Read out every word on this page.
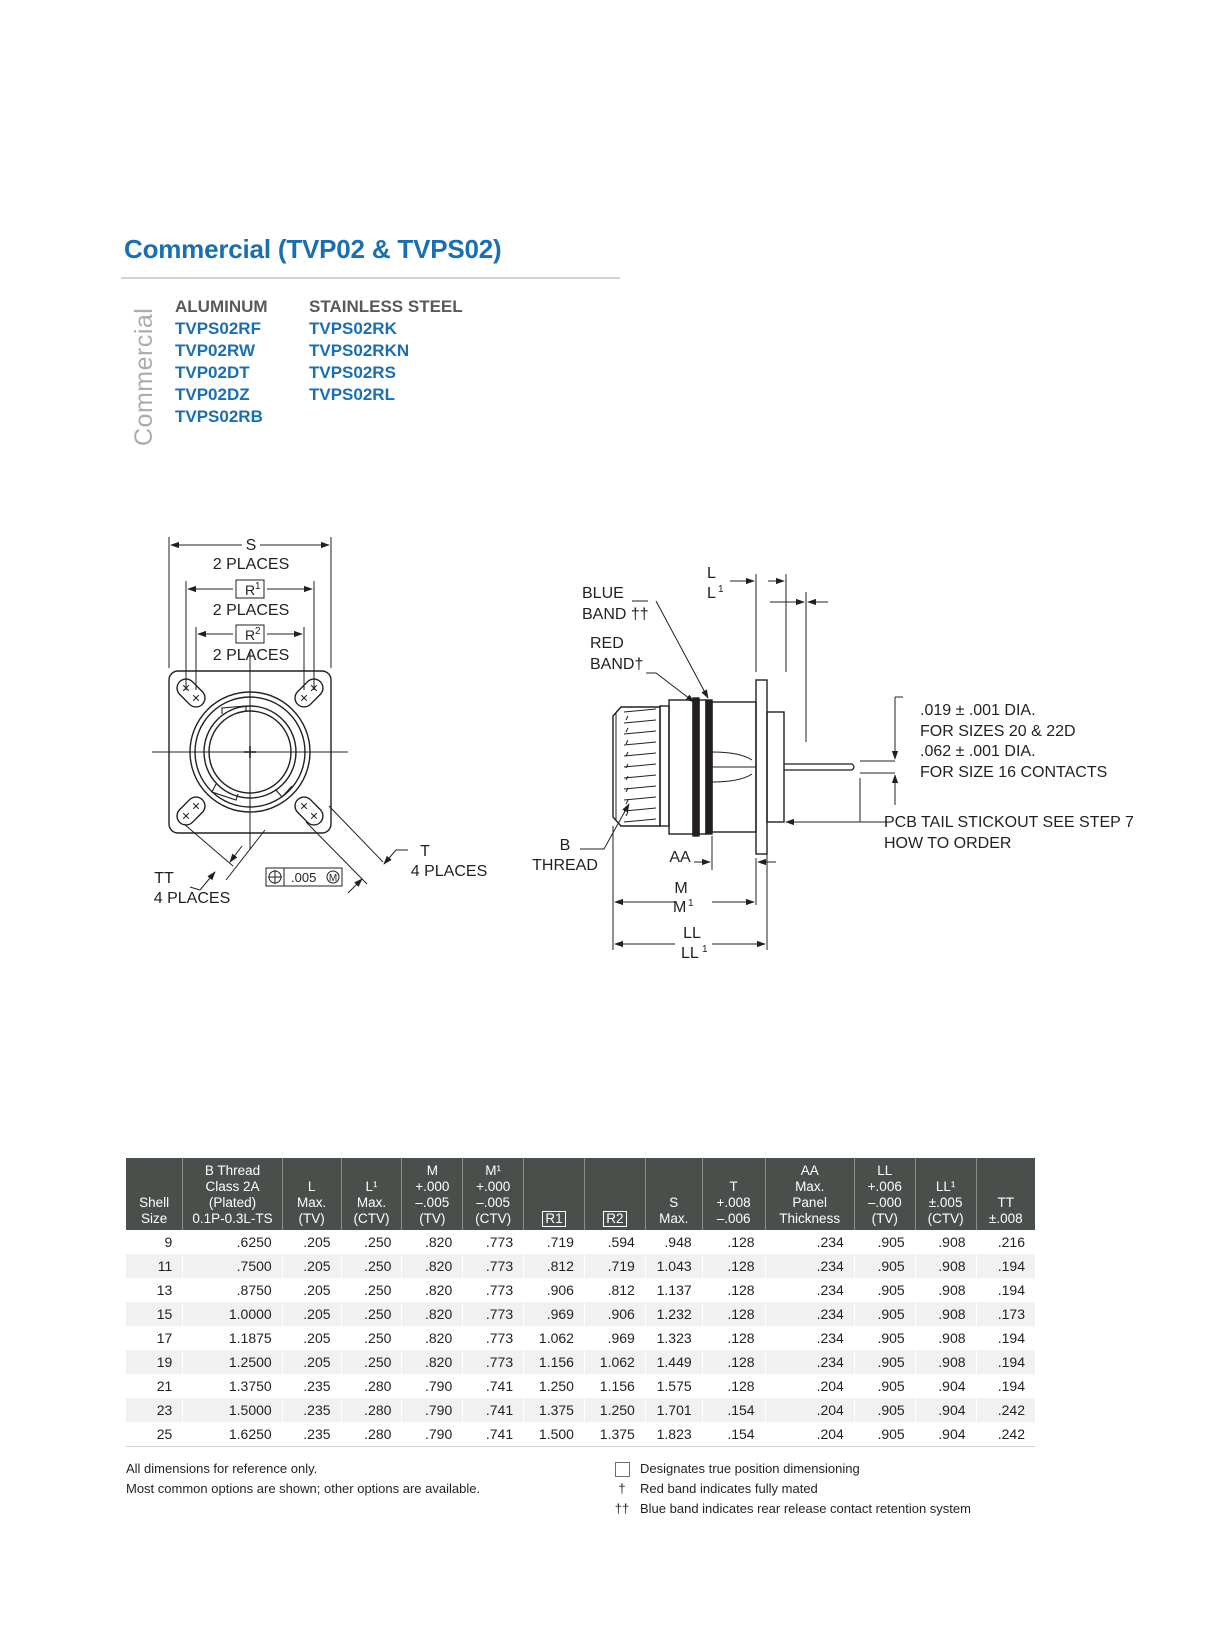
Commercial (TVP02 & TVPS02)
Commercial
ALUMINUM
TVPS02RF
TVP02RW
TVP02DT
TVP02DZ
TVPS02RB
STAINLESS STEEL
TVPS02RK
TVPS02RKN
TVPS02RS
TVPS02RL
S
2 PLACES
R 1
2 PLACES
R 2
2 PLACES
TT
4 PLACES
T
4 PLACES
.005 M
L
L 1
BLUE
BAND ††
RED
BAND†
.019 ± .001 DIA.
FOR SIZES 20 & 22D
.062 ± .001 DIA.
FOR SIZE 16 CONTACTS
PCB TAIL STICKOUT SEE STEP 7
HOW TO ORDER
B
THREAD	AA
M
M 1
LL
LL 1
Shell
Size	B Thread
Class 2A
(Plated)
0.1P-0.3L-TS	L
Max.
(TV)	L¹
Max.
(CTV)	M
+.000
–.005
(TV)	M¹
+.000
–.005
(CTV)	R1	R2	S
Max.	T
+.008
–.006	AA
Max.
Panel
Thickness	LL
+.006
–.000
(TV)	LL¹
±.005
(CTV)	TT
±.008
9	.6250	.205	.250	.820	.773	.719	.594	.948	.128	.234	.905	.908	.216
11	.7500	.205	.250	.820	.773	.812	.719	1.043	.128	.234	.905	.908	.194
13	.8750	.205	.250	.820	.773	.906	.812	1.137	.128	.234	.905	.908	.194
15	1.0000	.205	.250	.820	.773	.969	.906	1.232	.128	.234	.905	.908	.173
17	1.1875	.205	.250	.820	.773	1.062	.969	1.323	.128	.234	.905	.908	.194
19	1.2500	.205	.250	.820	.773	1.156	1.062	1.449	.128	.234	.905	.908	.194
21	1.3750	.235	.280	.790	.741	1.250	1.156	1.575	.128	.204	.905	.904	.194
23	1.5000	.235	.280	.790	.741	1.375	1.250	1.701	.154	.204	.905	.904	.242
25	1.6250	.235	.280	.790	.741	1.500	1.375	1.823	.154	.204	.905	.904	.242
All dimensions for reference only.
Most common options are shown; other options are available.
Designates true position dimensioning
†	Red band indicates fully mated
†† Blue band indicates rear release contact retention system
